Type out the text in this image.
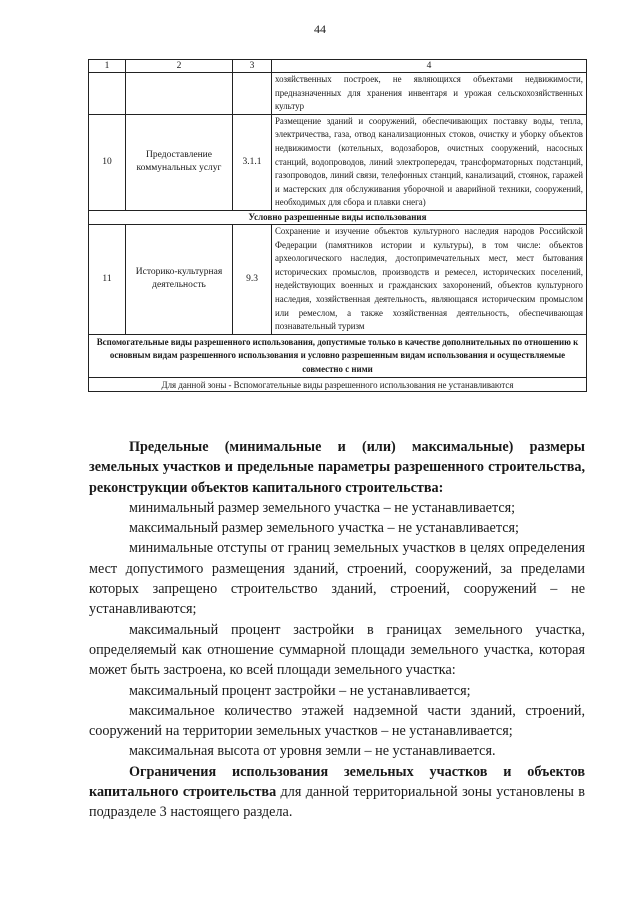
44
1	2	3	4
			хозяйственных построек, не являющихся объектами недвижимости, предназначенных для хранения инвентаря и урожая сельскохозяйственных культур
10	Предоставление коммунальных услуг	3.1.1	Размещение зданий и сооружений, обеспечивающих поставку воды, тепла, электричества, газа, отвод канализационных стоков, очистку и уборку объектов недвижимости (котельных, водозаборов, очистных сооружений, насосных станций, водопроводов, линий электропередач, трансформаторных подстанций, газопроводов, линий связи, телефонных станций, канализаций, стоянок, гаражей и мастерских для обслуживания уборочной и аварийной техники, сооружений, необходимых для сбора и плавки снега)
Условно разрешенные виды использования			
11	Историко-культурная деятельность	9.3	Сохранение и изучение объектов культурного наследия народов Российской Федерации (памятников истории и культуры), в том числе: объектов археологического наследия, достопримечательных мест, мест бытования исторических промыслов, производств и ремесел, исторических поселений, недействующих военных и гражданских захоронений, объектов культурного наследия, хозяйственная деятельность, являющаяся историческим промыслом или ремеслом, а также хозяйственная деятельность, обеспечивающая познавательный туризм
Вспомогательные виды разрешенного использования, допустимые только в качестве дополнительных по отношению к основным видам разрешенного использования и условно разрешенным видам использования и осуществляемые совместно с ними			
Для данной зоны - Вспомогательные виды разрешенного использования не устанавливаются			

Предельные (минимальные и (или) максимальные) размеры земельных участков и предельные параметры разрешенного строительства, реконструкции объектов капитального строительства:

минимальный размер земельного участка – не устанавливается;

максимальный размер земельного участка – не устанавливается;

минимальные отступы от границ земельных участков в целях определения мест допустимого размещения зданий, строений, сооружений, за пределами которых запрещено строительство зданий, строений, сооружений – не устанавливаются;

максимальный процент застройки в границах земельного участка, определяемый как отношение суммарной площади земельного участка, которая может быть застроена, ко всей площади земельного участка:

максимальный процент застройки – не устанавливается;

максимальное количество этажей надземной части зданий, строений, сооружений на территории земельных участков – не устанавливается;

максимальная высота от уровня земли – не устанавливается.

Ограничения использования земельных участков и объектов капитального строительства для данной территориальной зоны установлены в подразделе 3 настоящего раздела.
